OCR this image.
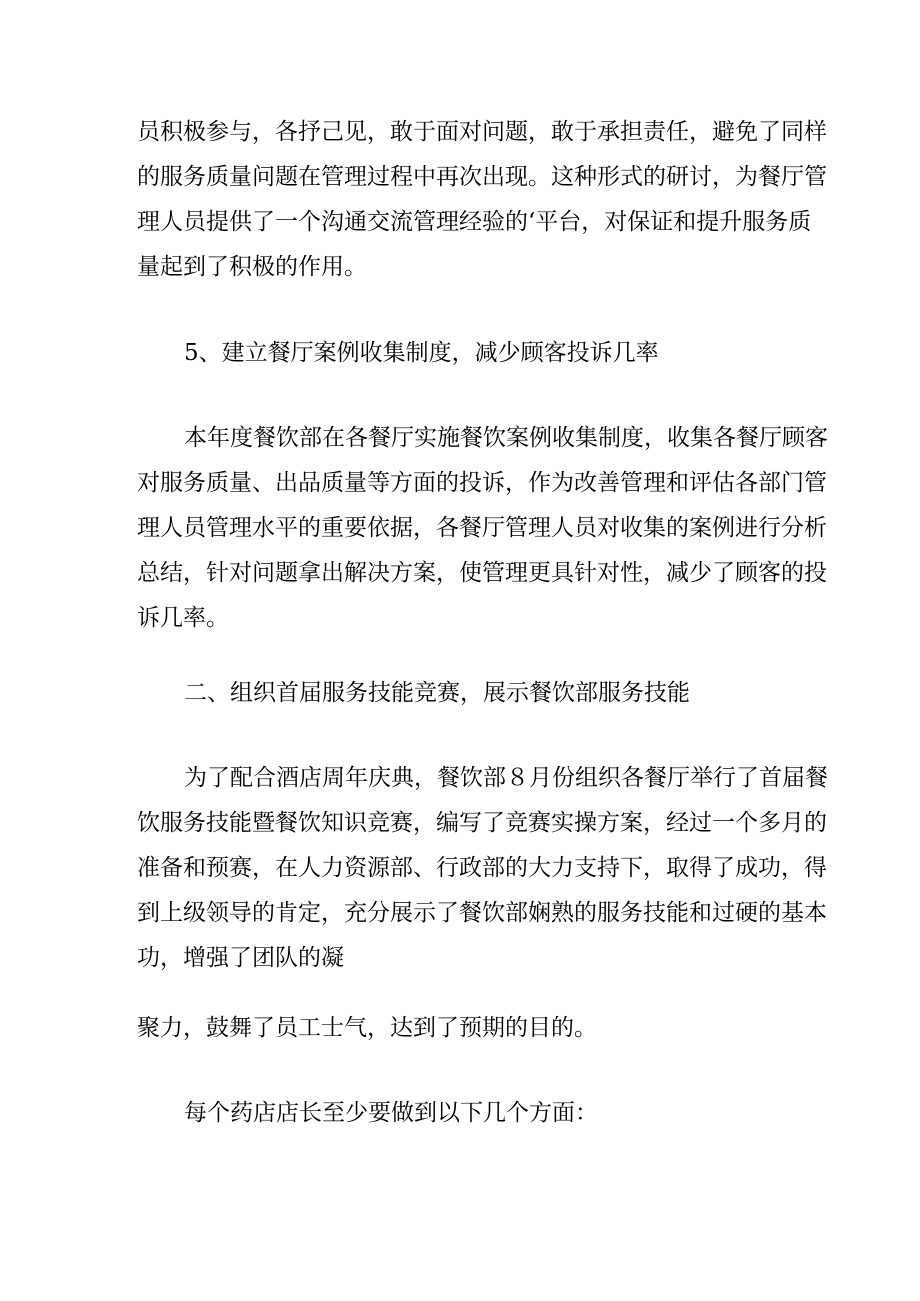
员积极参与，各抒己见，敢于面对问题，敢于承担责任，避免了同样
的服务质量问题在管理过程中再次出现。这种形式的研讨，为餐厅管
理人员提供了一个沟通交流管理经验的‘平台，对保证和提升服务质
量起到了积极的作用。
5、建立餐厅案例收集制度，减少顾客投诉几率
本年度餐饮部在各餐厅实施餐饮案例收集制度，收集各餐厅顾客
对服务质量、出品质量等方面的投诉，作为改善管理和评估各部门管
理人员管理水平的重要依据，各餐厅管理人员对收集的案例进行分析
总结，针对问题拿出解决方案，使管理更具针对性，减少了顾客的投
诉几率。
二、组织首届服务技能竞赛，展示餐饮部服务技能
为了配合酒店周年庆典，餐饮部８月份组织各餐厅举行了首届餐
饮服务技能暨餐饮知识竞赛，编写了竞赛实操方案，经过一个多月的
准备和预赛，在人力资源部、行政部的大力支持下，取得了成功，得
到上级领导的肯定，充分展示了餐饮部娴熟的服务技能和过硬的基本
功，增强了团队的凝
聚力，鼓舞了员工士气，达到了预期的目的。
每个药店店长至少要做到以下几个方面：
